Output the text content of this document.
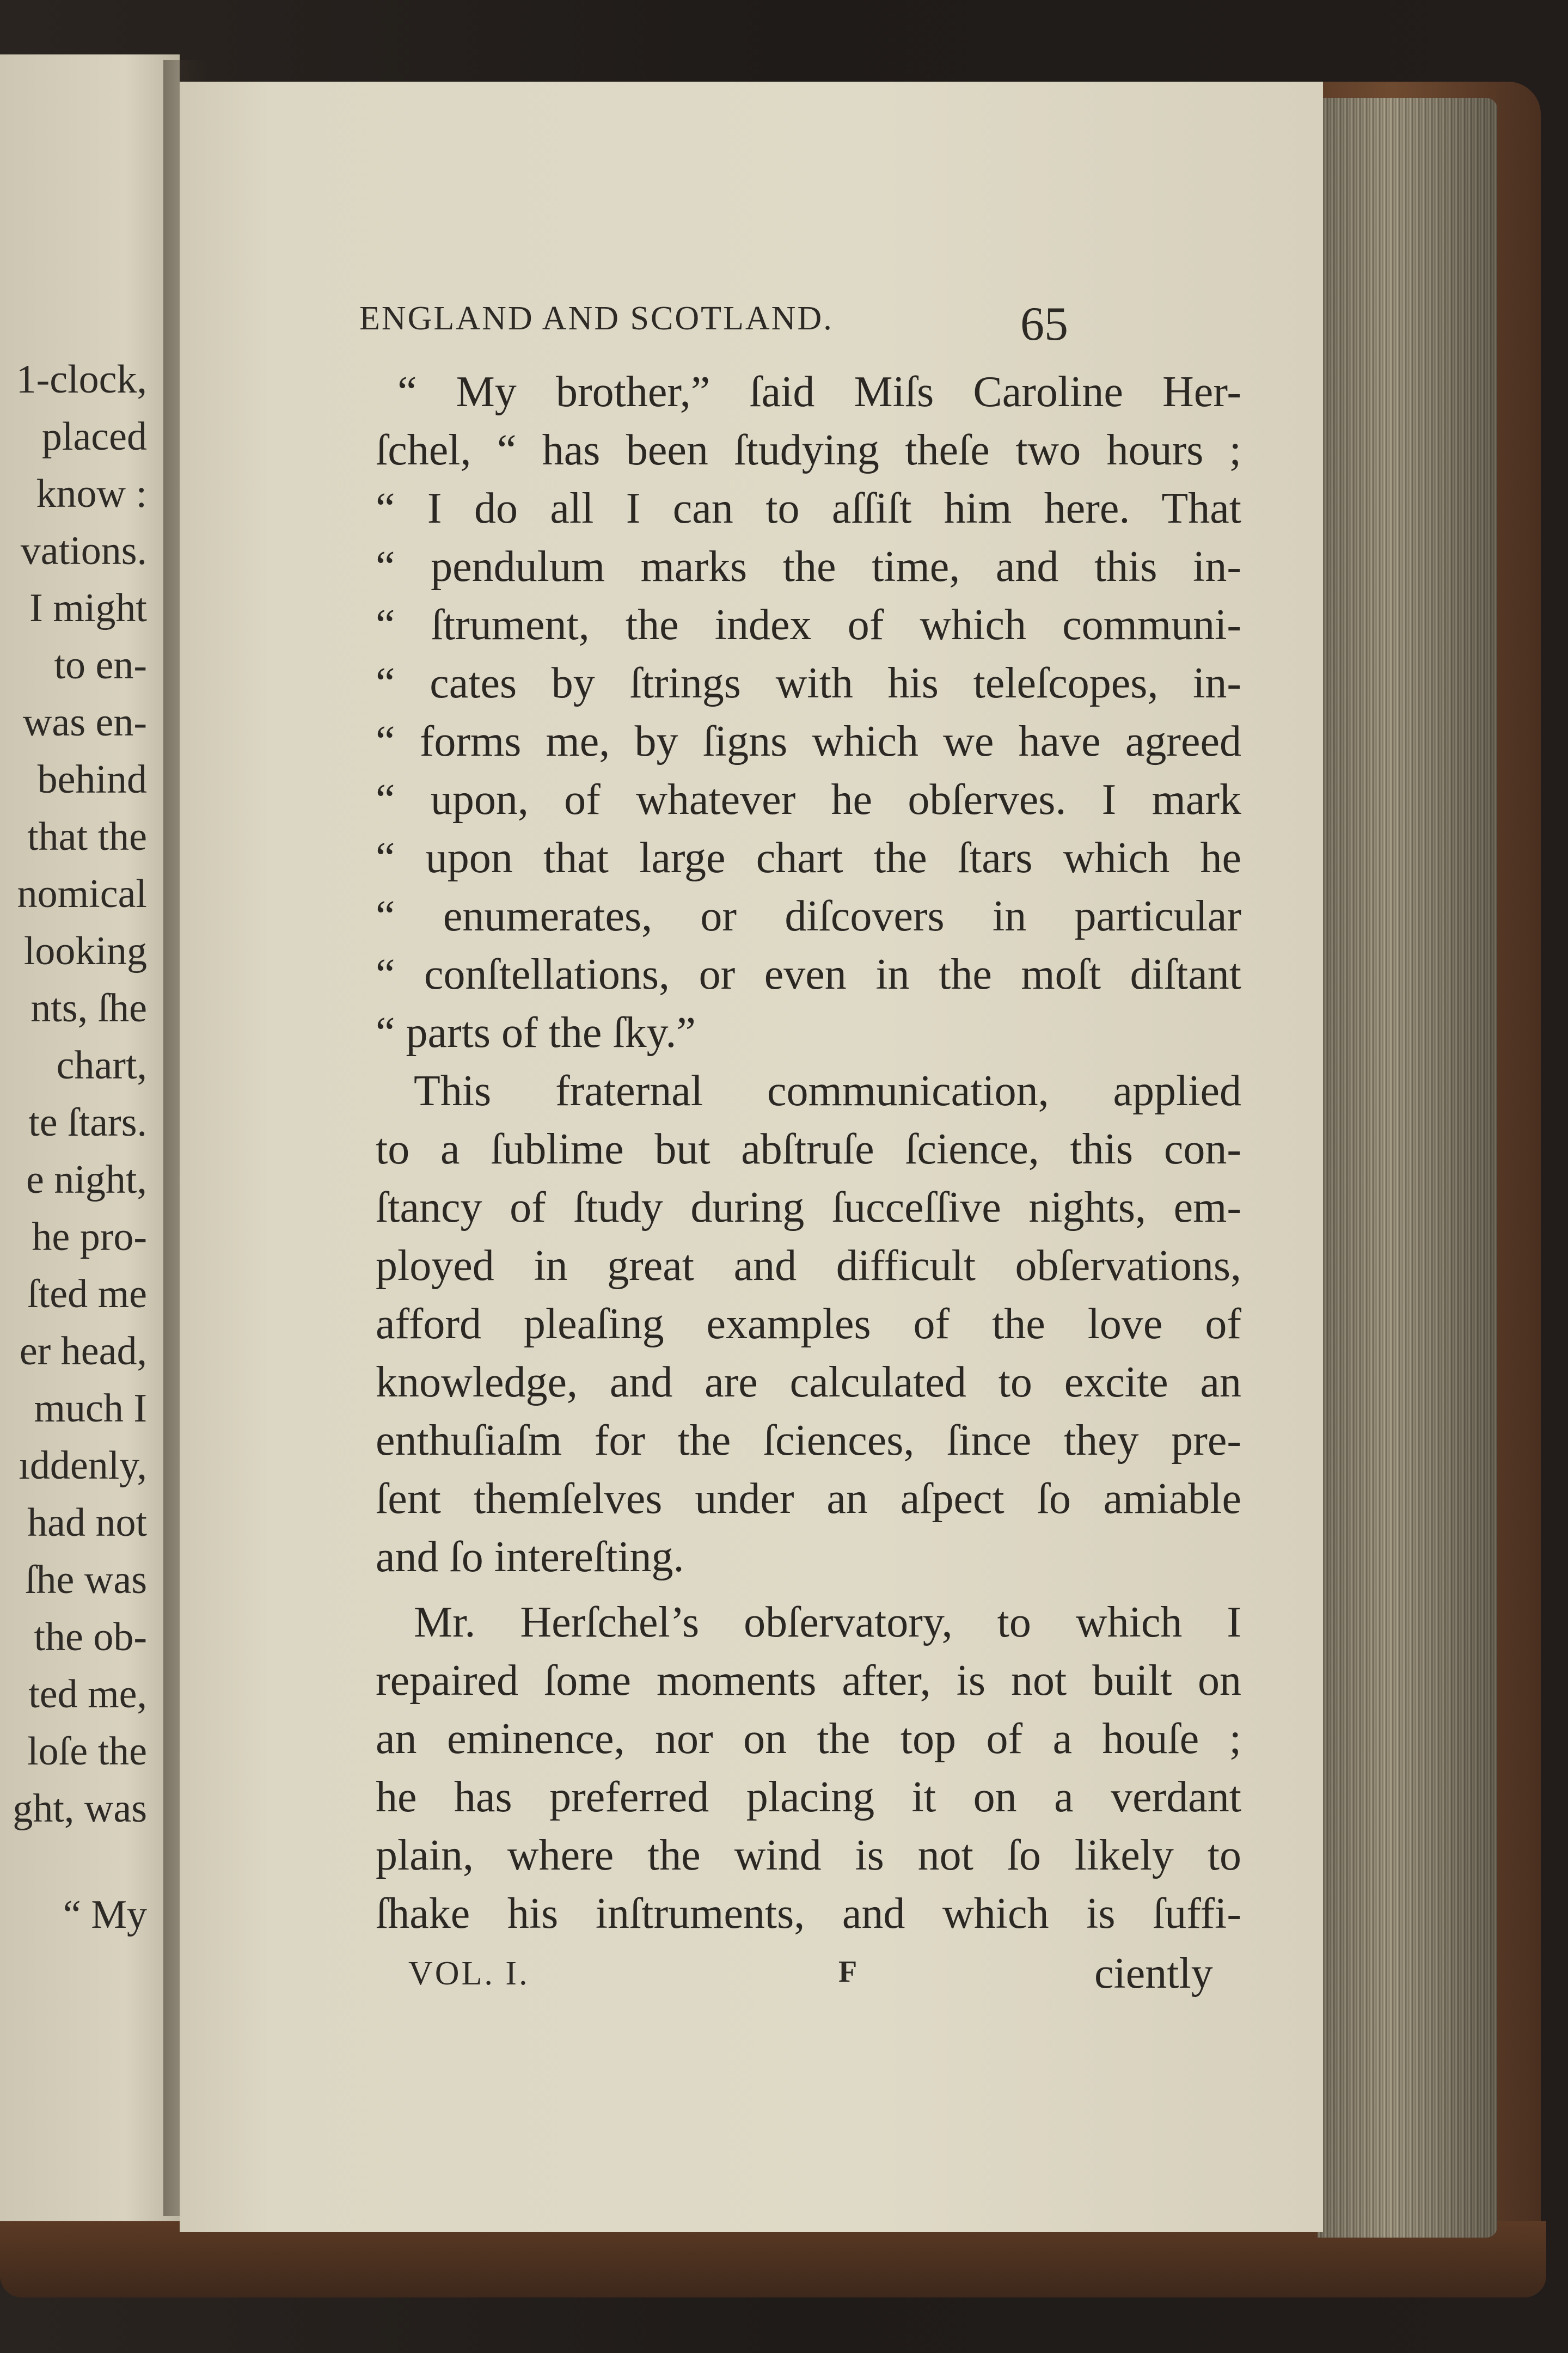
1-clock,
placed
know :
vations.
I might
to en-
was en-
behind
that the
nomical
looking
nts, ſhe
chart,
te ſtars.
e night,
he pro-
ſted me
er head,
much I
ıddenly,
had not
ſhe was
the ob-
ted me,
loſe the
ght, was
“ My
ENGLAND AND SCOTLAND.	65
“ My brother,” ſaid Miſs Caroline Her-
ſchel, “ has been ſtudying theſe two hours ;
“ I do all I can to aſſiſt him here. That
“ pendulum marks the time, and this in-
“ ſtrument, the index of which communi-
“ cates by ſtrings with his teleſcopes, in-
“ forms me, by ſigns which we have agreed
“ upon, of whatever he obſerves. I mark
“ upon that large chart the ſtars which he
“ enumerates, or diſcovers in particular
“ conſtellations, or even in the moſt diſtant
“ parts of the ſky.”
This fraternal communication, applied
to a ſublime but abſtruſe ſcience, this con-
ſtancy of ſtudy during ſucceſſive nights, em-
ployed in great and difficult obſervations,
afford pleaſing examples of the love of
knowledge, and are calculated to excite an
enthuſiaſm for the ſciences, ſince they pre-
ſent themſelves under an aſpect ſo amiable
and ſo intereſting.
Mr. Herſchel’s obſervatory, to which I
repaired ſome moments after, is not built on
an eminence, nor on the top of a houſe ;
he has preferred placing it on a verdant
plain, where the wind is not ſo likely to
ſhake his inſtruments, and which is ſuffi-
VOL. I.	F	ciently
